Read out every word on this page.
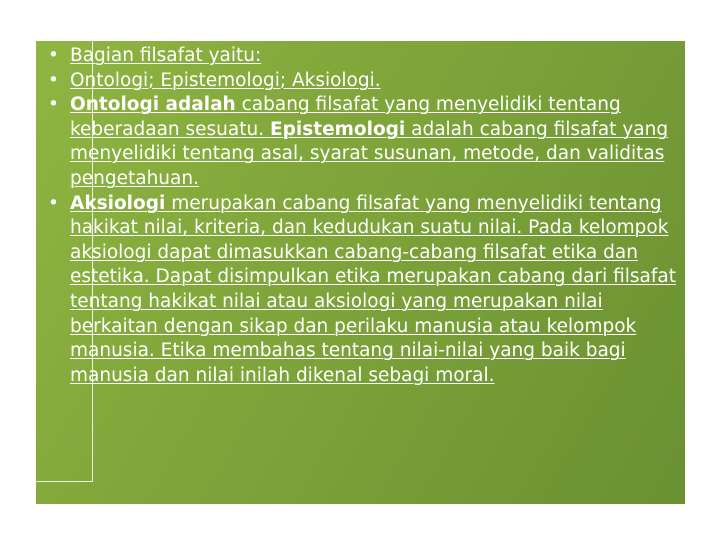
• Bagian filsafat yaitu:
• Ontologi; Epistemologi; Aksiologi.
• Ontologi adalah cabang filsafat yang menyelidiki tentang keberadaan sesuatu. Epistemologi adalah cabang filsafat yang menyelidiki tentang asal, syarat susunan, metode, dan validitas pengetahuan.
• Aksiologi merupakan cabang filsafat yang menyelidiki tentang hakikat nilai, kriteria, dan kedudukan suatu nilai. Pada kelompok aksiologi dapat dimasukkan cabang-cabang filsafat etika dan estetika. Dapat disimpulkan etika merupakan cabang dari filsafat tentang hakikat nilai atau aksiologi yang merupakan nilai berkaitan dengan sikap dan perilaku manusia atau kelompok manusia. Etika membahas tentang nilai-nilai yang baik bagi manusia dan nilai inilah dikenal sebagi moral.
